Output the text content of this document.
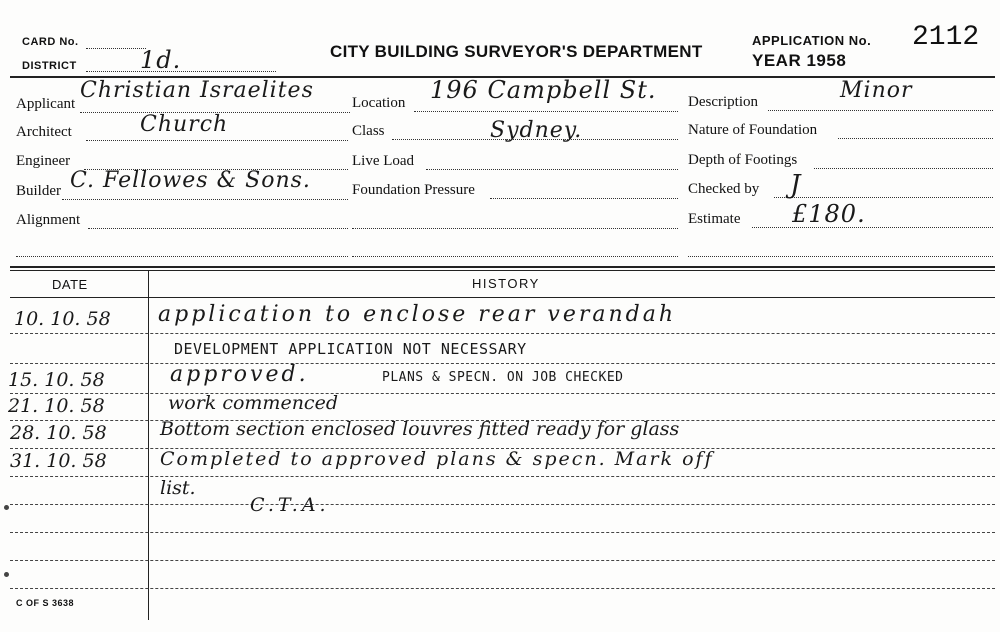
CARD No.
DISTRICT	1d.	CITY BUILDING SURVEYOR'S DEPARTMENT
APPLICATION No. 2112
YEAR 1958
Applicant
Christian Israelites
Architect	Church
Engineer
Builder C. Fellowes & Sons.
Alignment
Location 196 Campbell St.
Class	Sydney.
Live Load
Foundation Pressure
Description	Minor
Nature of Foundation
Depth of Footings
Checked by J
Estimate £180.
DATE	HISTORY
10. 10. 58 application to enclose rear verandah
DEVELOPMENT APPLICATION NOT NECESSARY
15. 10. 58	approved.	PLANS & SPECN. ON JOB CHECKED
21. 10. 58	work commenced
28. 10. 58	Bottom section enclosed louvres fitted ready for glass
31. 10. 58	Completed to approved plans & specn. Mark off
list.
C.T.A.
C OF S 3638
